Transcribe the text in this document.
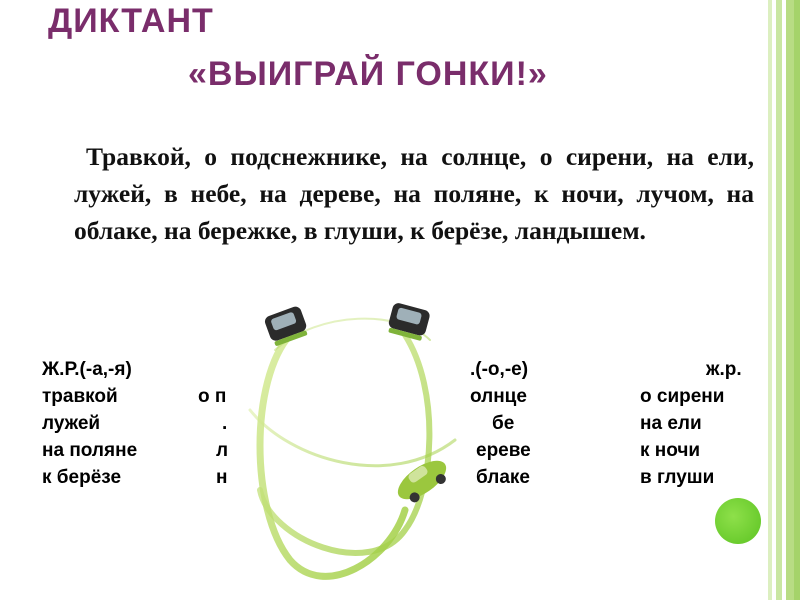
ДИКТАНТ
«ВЫИГРАЙ ГОНКИ!»
Травкой, о подснежнике, на солнце, о сирени, на ели, лужей, в небе, на дереве, на поляне, к ночи, лучом, на облаке, на бережке, в глуши, к берёзе, ландышем.
Ж.Р.(-а,-я)
травкой
лужей
на поляне
к берёзе
о п
.
л
н
.(-о,-е)
олнце
бе
ереве
блаке
ж.р.
о сирени
на ели
к ночи
в глуши
